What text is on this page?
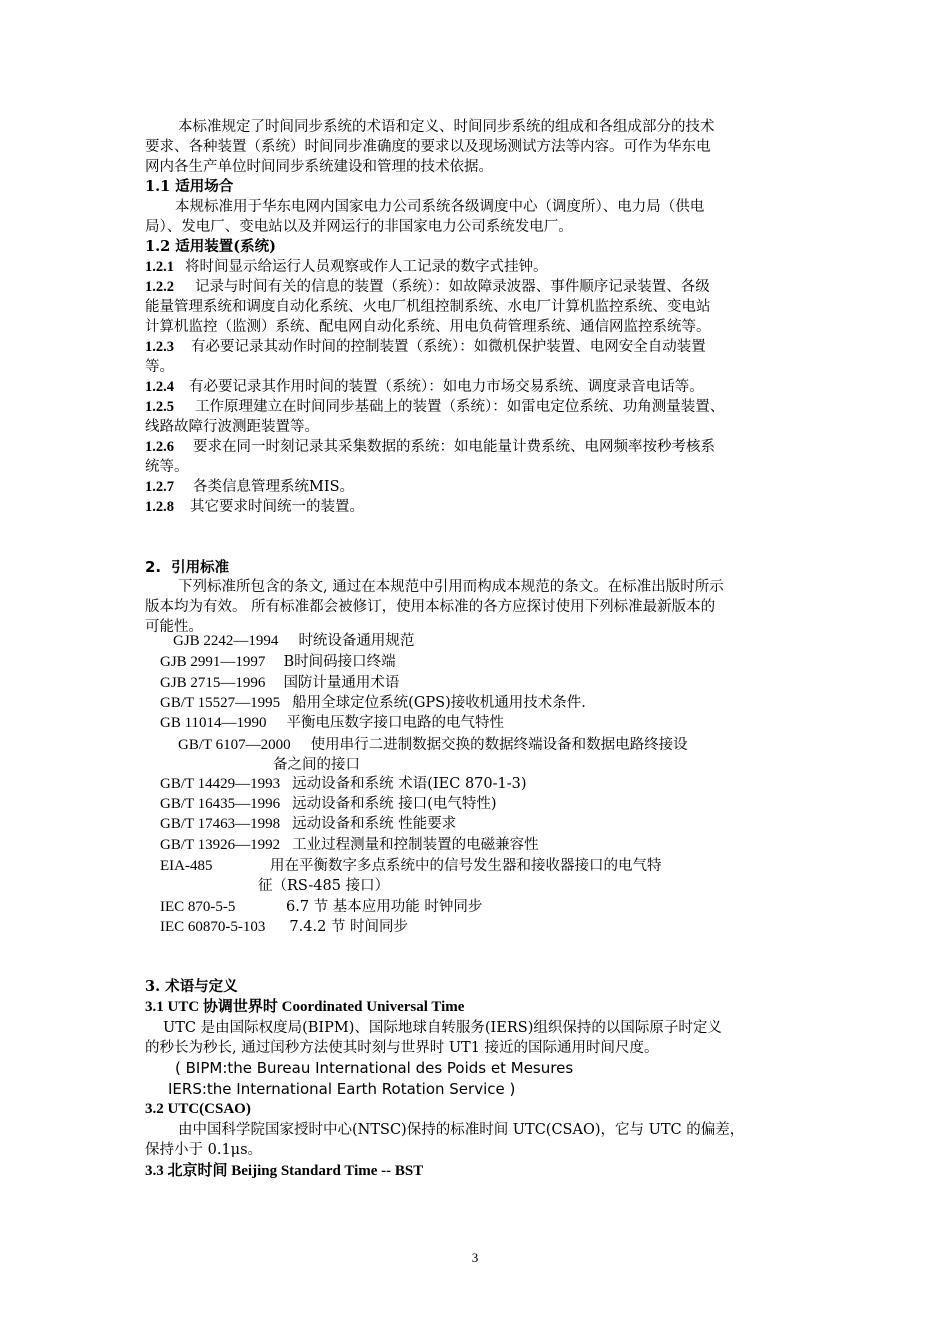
本标准规定了时间同步系统的术语和定义、时间同步系统的组成和各组成部分的技术
要求、各种装置（系统）时间同步准确度的要求以及现场测试方法等内容。可作为华东电
网内各生产单位时间同步系统建设和管理的技术依据。
1.1 适用场合
本规标准用于华东电网内国家电力公司系统各级调度中心（调度所）、电力局（供电
局）、发电厂、变电站以及并网运行的非国家电力公司系统发电厂。
1.2 适用装置(系统)
1.2.1 将时间显示给运行人员观察或作人工记录的数字式挂钟。
1.2.2 记录与时间有关的信息的装置（系统）：如故障录波器、事件顺序记录装置、各级
能量管理系统和调度自动化系统、火电厂机组控制系统、水电厂计算机监控系统、变电站
计算机监控（监测）系统、配电网自动化系统、用电负荷管理系统、通信网监控系统等。
1.2.3 有必要记录其动作时间的控制装置（系统）：如微机保护装置、电网安全自动装置
等。
1.2.4 有必要记录其作用时间的装置（系统）：如电力市场交易系统、调度录音电话等。
1.2.5 工作原理建立在时间同步基础上的装置（系统）：如雷电定位系统、功角测量装置、
线路故障行波测距装置等。
1.2.6 要求在同一时刻记录其采集数据的系统：如电能量计费系统、电网频率按秒考核系
统等。
1.2.7 各类信息管理系统MIS。
1.2.8 其它要求时间统一的装置。
2. 引用标准
下列标准所包含的条文, 通过在本规范中引用而构成本规范的条文。在标准出版时所示
版本均为有效。 所有标准都会被修订，使用本标准的各方应探讨使用下列标准最新版本的
可能性。
GJB 2242—1994 时统设备通用规范
GJB 2991—1997 B时间码接口终端
GJB 2715—1996 国防计量通用术语
GB/T 15527—1995 船用全球定位系统(GPS)接收机通用技术条件.
GB 11014—1990 平衡电压数字接口电路的电气特性
GB/T 6107—2000 使用串行二进制数据交换的数据终端设备和数据电路终接设
备之间的接口
GB/T 14429—1993 远动设备和系统 术语(IEC 870-1-3)
GB/T 16435—1996 远动设备和系统 接口(电气特性)
GB/T 17463—1998 远动设备和系统 性能要求
GB/T 13926—1992 工业过程测量和控制装置的电磁兼容性
EIA-485	用在平衡数字多点系统中的信号发生器和接收器接口的电气特
征（RS-485 接口）
IEC 870-5-5	6.7 节 基本应用功能 时钟同步
IEC 60870-5-103 7.4.2 节 时间同步
3. 术语与定义
3.1 UTC 协调世界时 Coordinated Universal Time
UTC 是由国际权度局(BIPM)、国际地球自转服务(IERS)组织保持的以国际原子时定义
的秒长为秒长, 通过闰秒方法使其时刻与世界时 UT1 接近的国际通用时间尺度。
( BIPM:the Bureau International des Poids et Mesures
IERS:the International Earth Rotation Service )
3.2 UTC(CSAO)
由中国科学院国家授时中心(NTSC)保持的标准时间 UTC(CSAO)，它与 UTC 的偏差，
保持小于 0.1μs。
3.3 北京时间 Beijing Standard Time -- BST
3
